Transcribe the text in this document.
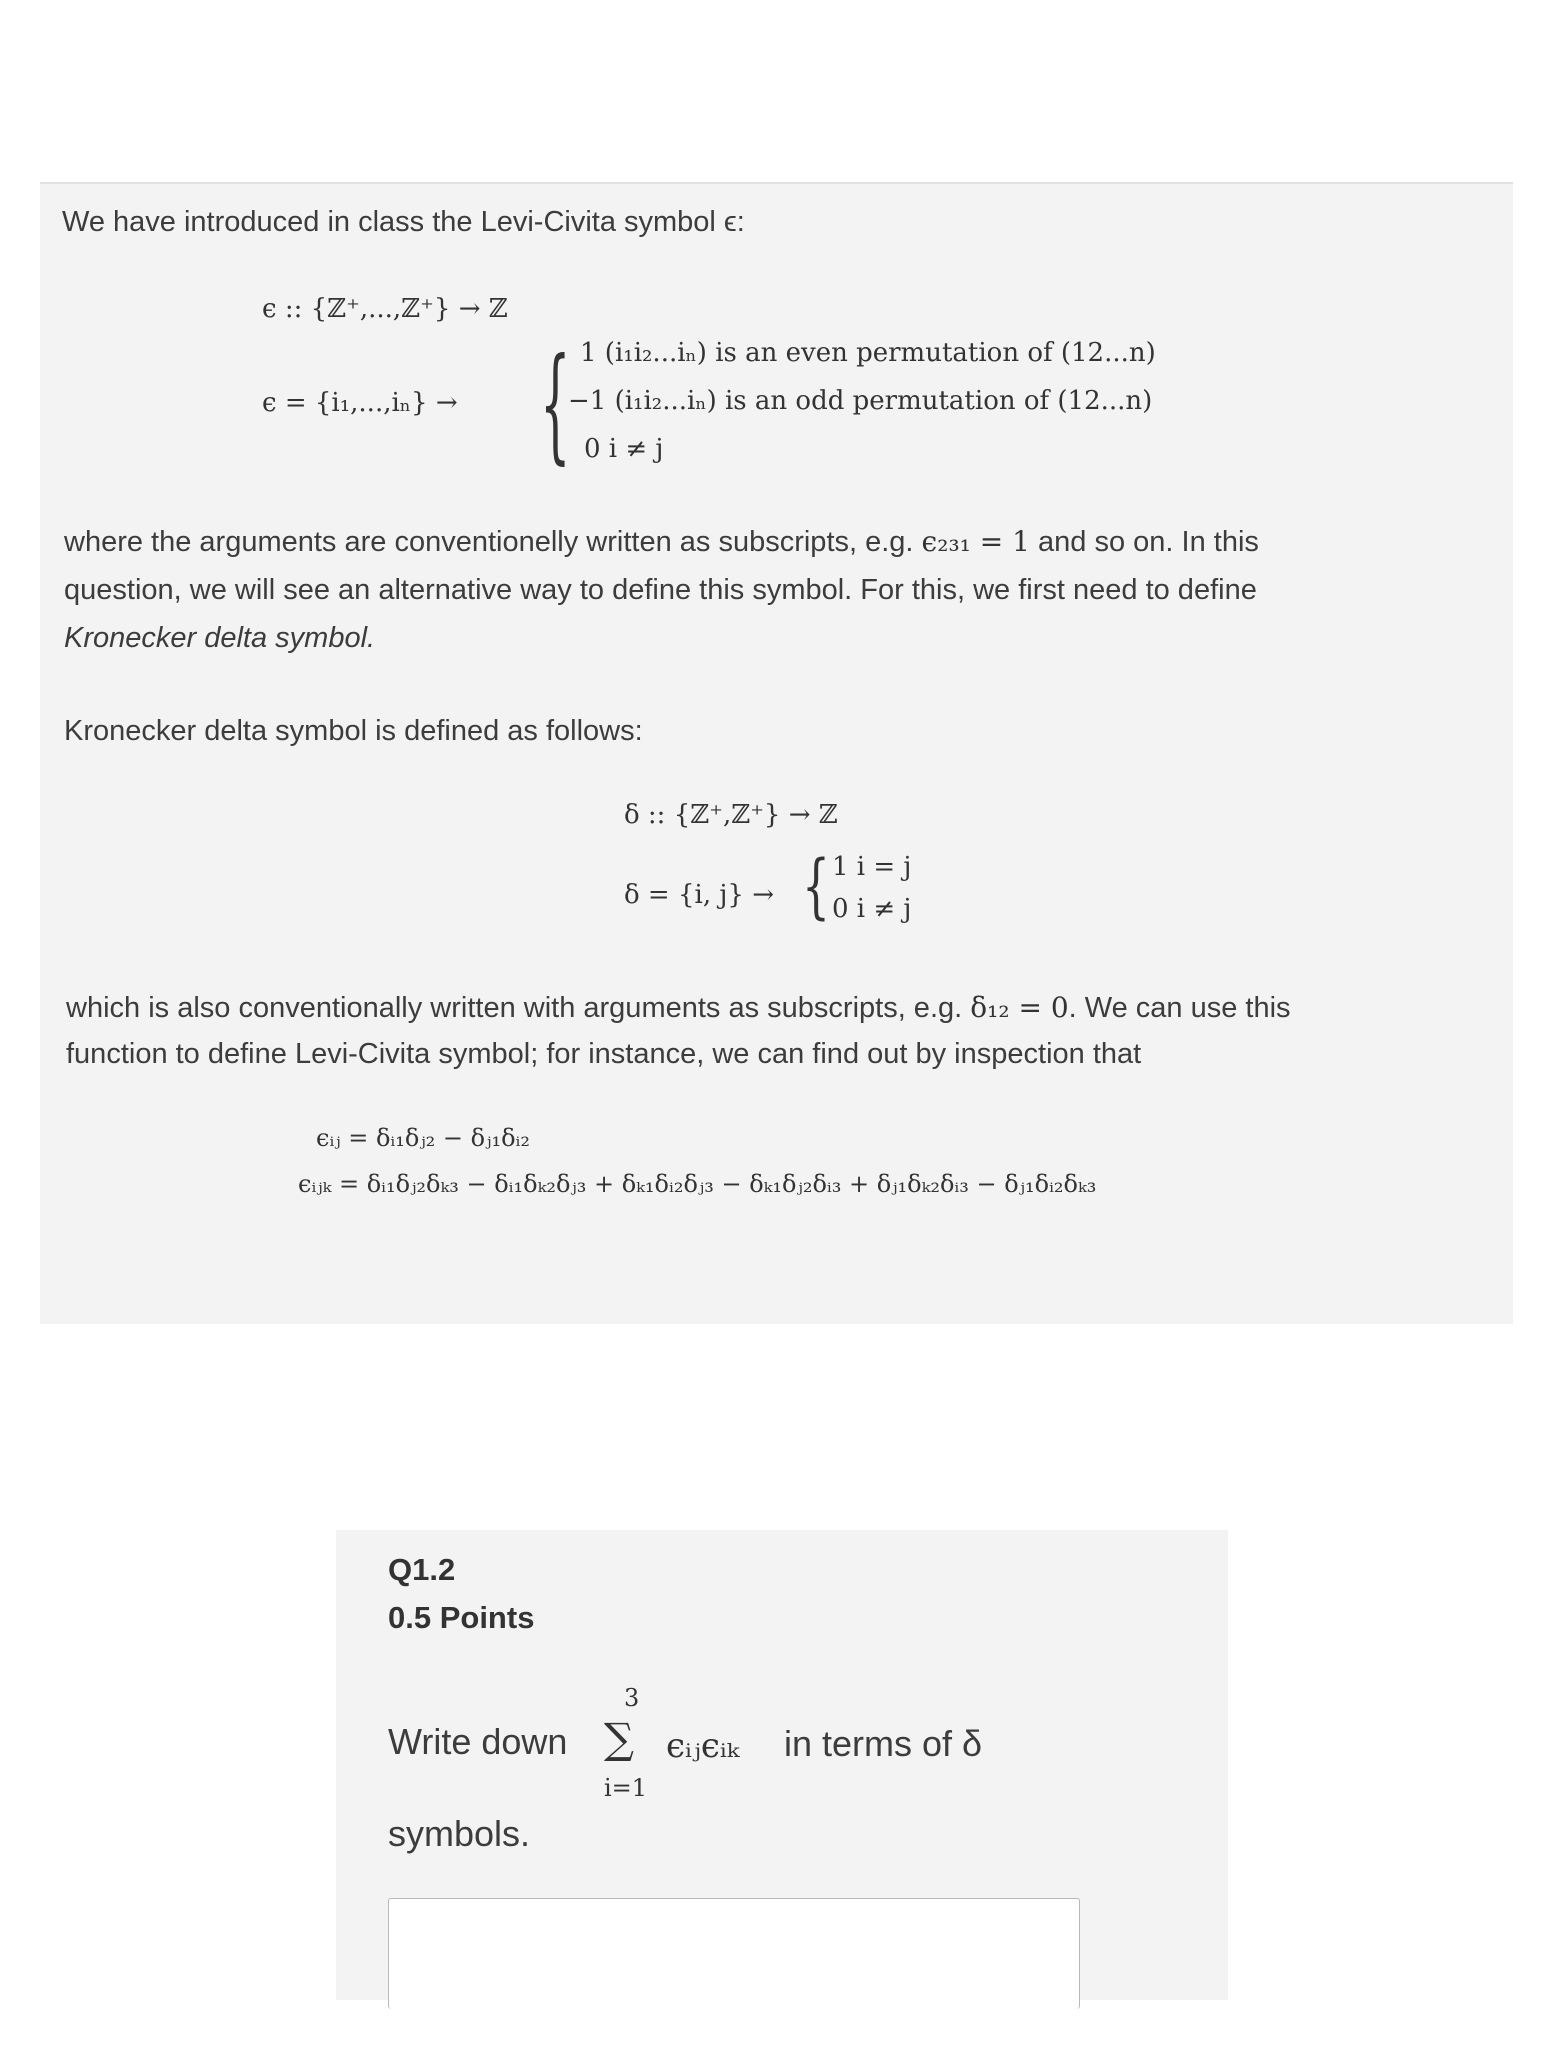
We have introduced in class the Levi-Civita symbol ϵ:
ϵ :: {ℤ⁺,...,ℤ⁺} → ℤ
ϵ = {i₁,...,iₙ} → { 1 (i₁i₂...iₙ) is an even permutation of (12...n)
−1 (i₁i₂...iₙ) is an odd permutation of (12...n)
0 i ≠ j
where the arguments are conventionelly written as subscripts, e.g. ϵ₂₃₁ = 1 and so on. In this
question, we will see an alternative way to define this symbol. For this, we first need to define
Kronecker delta symbol.
Kronecker delta symbol is defined as follows:
δ :: {ℤ⁺,ℤ⁺} → ℤ
δ = {i, j} → { 1 i = j
0 i ≠ j
which is also conventionally written with arguments as subscripts, e.g. δ₁₂ = 0. We can use this
function to define Levi-Civita symbol; for instance, we can find out by inspection that
ϵᵢⱼ = δᵢ₁δⱼ₂ − δⱼ₁δᵢ₂
ϵᵢⱼₖ = δᵢ₁δⱼ₂δₖ₃ − δᵢ₁δₖ₂δⱼ₃ + δₖ₁δᵢ₂δⱼ₃ − δₖ₁δⱼ₂δᵢ₃ + δⱼ₁δₖ₂δᵢ₃ − δⱼ₁δᵢ₂δₖ₃
Q1.2
0.5 Points
Write down
3
∑
i=1
ϵᵢⱼϵᵢₖ in terms of δ
symbols.
